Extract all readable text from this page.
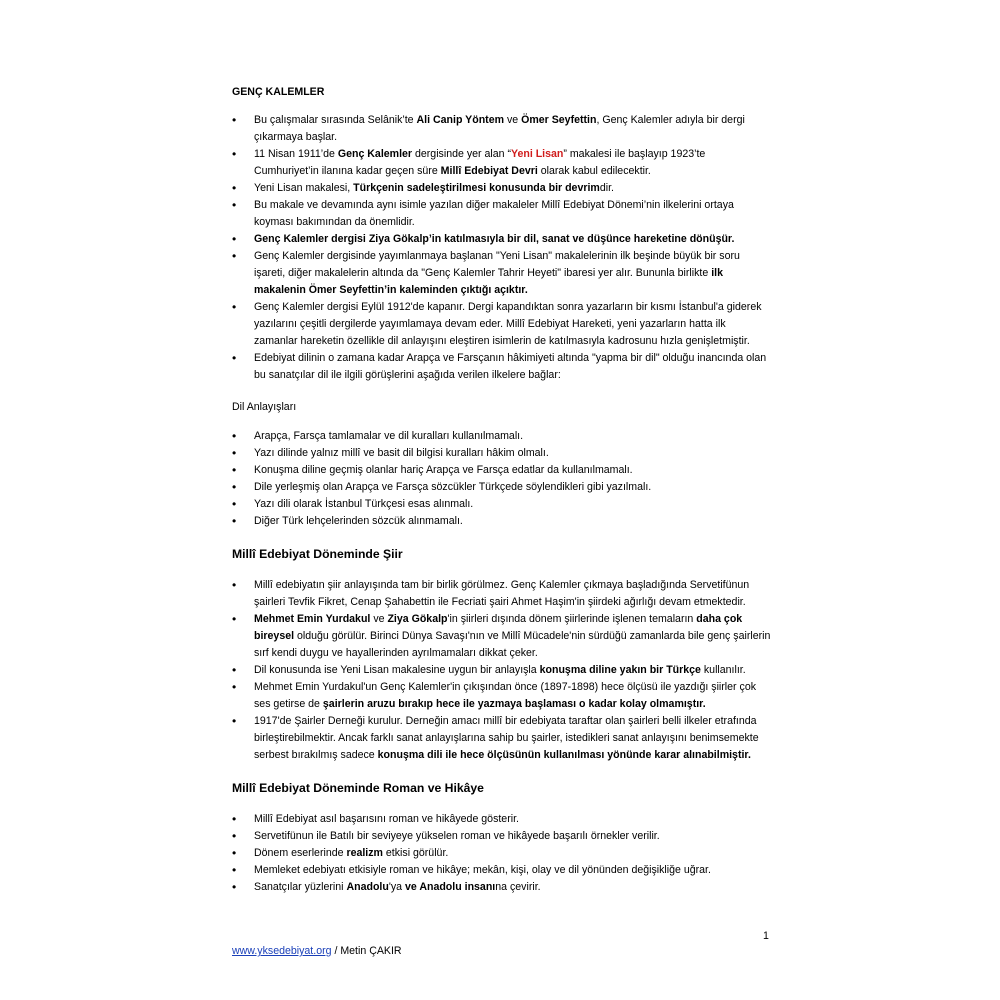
GENÇ KALEMLER
• Bu çalışmalar sırasında Selânik’te Ali Canip Yöntem ve Ömer Seyfettin, Genç Kalemler adıyla bir dergi çıkarmaya başlar.
• 11 Nisan 1911’de Genç Kalemler dergisinde yer alan “Yeni Lisan” makalesi ile başlayıp 1923’te Cumhuriyet’in ilanına kadar geçen süre Millî Edebiyat Devri olarak kabul edilecektir.
• Yeni Lisan makalesi, Türkçenin sadeleştirilmesi konusunda bir devrimdir.
• Bu makale ve devamında aynı isimle yazılan diğer makaleler Millî Edebiyat Dönemi’nin ilkelerini ortaya koyması bakımından da önemlidir.
• Genç Kalemler dergisi Ziya Gökalp’in katılmasıyla bir dil, sanat ve düşünce hareketine dönüşür.
• Genç Kalemler dergisinde yayımlanmaya başlanan "Yeni Lisan" makalelerinin ilk beşinde büyük bir soru işareti, diğer makalelerin altında da "Genç Kalemler Tahrir Heyeti" ibaresi yer alır. Bununla birlikte ilk makalenin Ömer Seyfettin’in kaleminden çıktığı açıktır.
• Genç Kalemler dergisi Eylül 1912'de kapanır. Dergi kapandıktan sonra yazarların bir kısmı İstanbul'a giderek yazılarını çeşitli dergilerde yayımlamaya devam eder. Millî Edebiyat Hareketi, yeni yazarların hatta ilk zamanlar hareketin özellikle dil anlayışını eleştiren isimlerin de katılmasıyla kadrosunu hızla genişletmiştir.
• Edebiyat dilinin o zamana kadar Arapça ve Farsçanın hâkimiyeti altında "yapma bir dil" olduğu inancında olan bu sanatçılar dil ile ilgili görüşlerini aşağıda verilen ilkelere bağlar:
Dil Anlayışları
• Arapça, Farsça tamlamalar ve dil kuralları kullanılmamalı.
• Yazı dilinde yalnız millî ve basit dil bilgisi kuralları hâkim olmalı.
• Konuşma diline geçmiş olanlar hariç Arapça ve Farsça edatlar da kullanılmamalı.
• Dile yerleşmiş olan Arapça ve Farsça sözcükler Türkçede söylendikleri gibi yazılmalı.
• Yazı dili olarak İstanbul Türkçesi esas alınmalı.
• Diğer Türk lehçelerinden sözcük alınmamalı.
Millî Edebiyat Döneminde Şiir
• Millî edebiyatın şiir anlayışında tam bir birlik görülmez. Genç Kalemler çıkmaya başladığında Servetifünun şairleri Tevfik Fikret, Cenap Şahabettin ile Fecriati şairi Ahmet Haşim'in şiirdeki ağırlığı devam etmektedir.
• Mehmet Emin Yurdakul ve Ziya Gökalp'in şiirleri dışında dönem şiirlerinde işlenen temaların daha çok bireysel olduğu görülür. Birinci Dünya Savaşı'nın ve Millî Mücadele'nin sürdüğü zamanlarda bile genç şairlerin sırf kendi duygu ve hayallerinden ayrılmamaları dikkat çeker.
• Dil konusunda ise Yeni Lisan makalesine uygun bir anlayışla konuşma diline yakın bir Türkçe kullanılır.
• Mehmet Emin Yurdakul'un Genç Kalemler'in çıkışından önce (1897-1898) hece ölçüsü ile yazdığı şiirler çok ses getirse de şairlerin aruzu bırakıp hece ile yazmaya başlaması o kadar kolay olmamıştır.
• 1917'de Şairler Derneği kurulur. Derneğin amacı millî bir edebiyata taraftar olan şairleri belli ilkeler etrafında birleştirebilmektir. Ancak farklı sanat anlayışlarına sahip bu şairler, istedikleri sanat anlayışını benimsemekte serbest bırakılmış sadece konuşma dili ile hece ölçüsünün kullanılması yönünde karar alınabilmiştir.
Millî Edebiyat Döneminde Roman ve Hikâye
• Millî Edebiyat asıl başarısını roman ve hikâyede gösterir.
• Servetifünun ile Batılı bir seviyeye yükselen roman ve hikâyede başarılı örnekler verilir.
• Dönem eserlerinde realizm etkisi görülür.
• Memleket edebiyatı etkisiyle roman ve hikâye; mekân, kişi, olay ve dil yönünden değişikliğe uğrar.
• Sanatçılar yüzlerini Anadolu'ya ve Anadolu insanına çevirir.
1
www.yksedebiyat.org / Metin ÇAKIR
